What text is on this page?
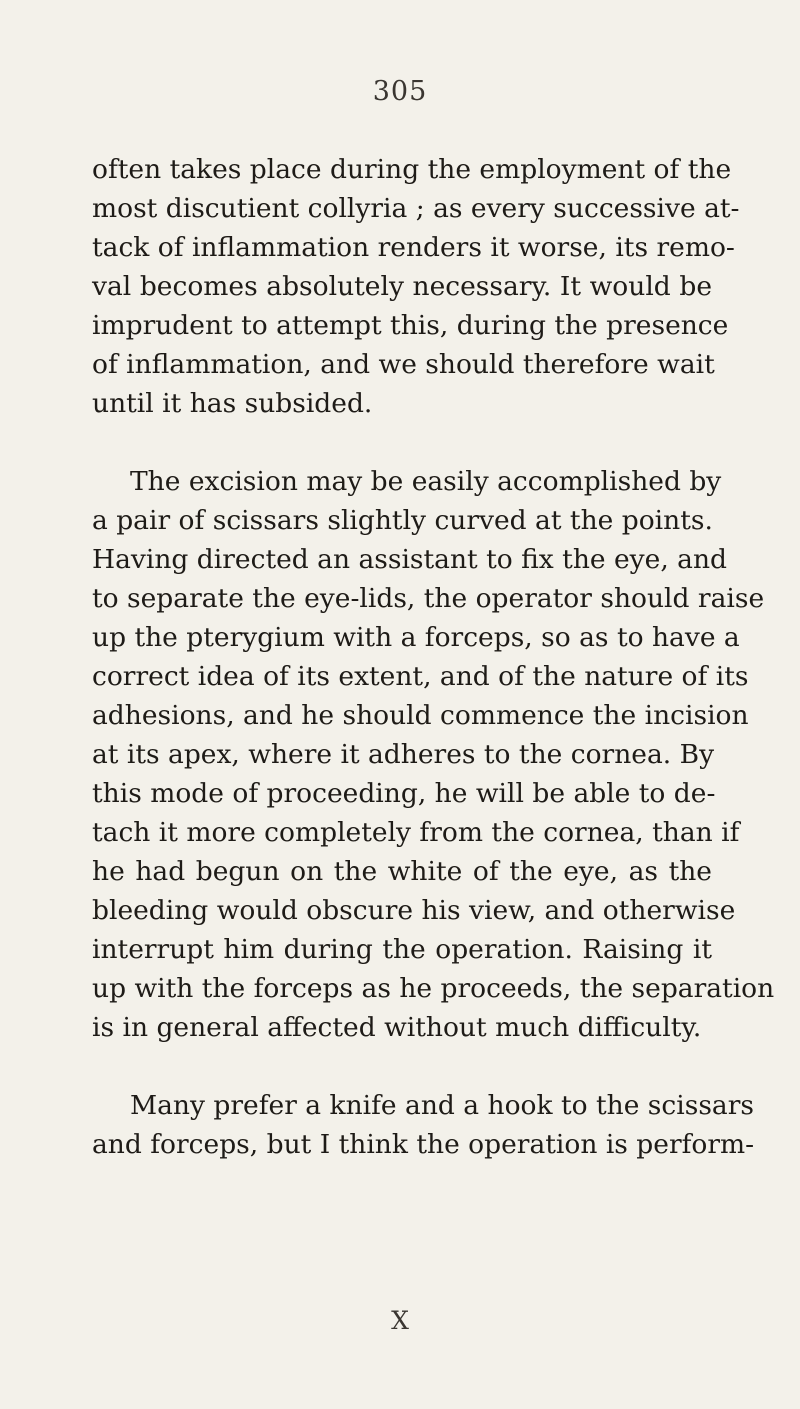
305
often takes place during the employment of the
most discutient collyria ; as every successive at-
tack of inflammation renders it worse, its remo-
val becomes absolutely necessary. It would be
imprudent to attempt this, during the presence
of inflammation, and we should therefore wait
until it has subsided.
The excision may be easily accomplished by
a pair of scissars slightly curved at the points.
Having directed an assistant to fix the eye, and
to separate the eye-lids, the operator should raise
up the pterygium with a forceps, so as to have a
correct idea of its extent, and of the nature of its
adhesions, and he should commence the incision
at its apex, where it adheres to the cornea. By
this mode of proceeding, he will be able to de-
tach it more completely from the cornea, than if
he had begun on the white of the eye, as the
bleeding would obscure his view, and otherwise
interrupt him during the operation. Raising it
up with the forceps as he proceeds, the separation
is in general affected without much difficulty.
Many prefer a knife and a hook to the scissars
and forceps, but I think the operation is perform-
X
